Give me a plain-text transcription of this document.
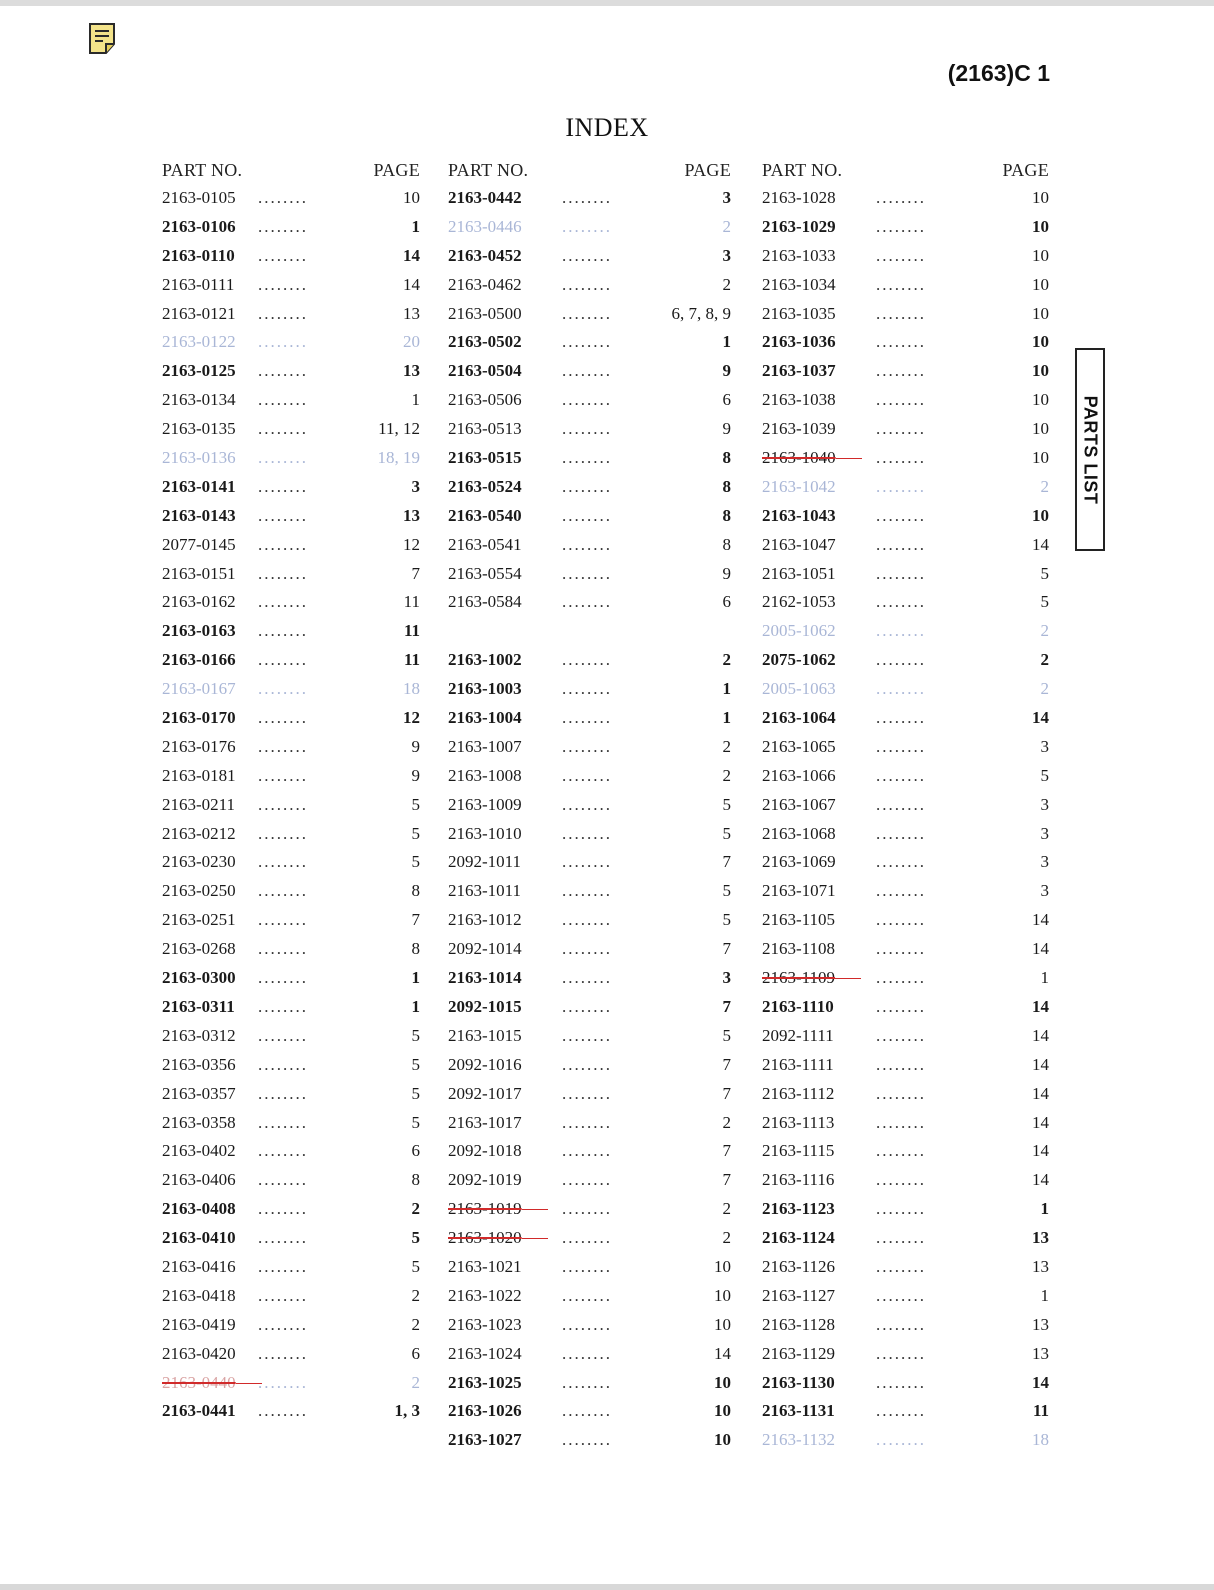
(2163)C 1
INDEX
PARTS LIST
PART NO.	PAGE
2163-0105 ........	10
2163-0106 ........	1
2163-0110 ........	14
2163-0111 ........	14
2163-0121 ........	13
2163-0122 ........	20
2163-0125 ........	13
2163-0134 ........	1
2163-0135 ........	11, 12
2163-0136 ........	18, 19
2163-0141 ........	3
2163-0143 ........	13
2077-0145 ........	12
2163-0151 ........	7
2163-0162 ........	11
2163-0163 ........	11
2163-0166 ........	11
2163-0167 ........	18
2163-0170 ........	12
2163-0176 ........	9
2163-0181 ........	9
2163-0211 ........	5
2163-0212 ........	5
2163-0230 ........	5
2163-0250 ........	8
2163-0251 ........	7
2163-0268 ........	8
2163-0300 ........	1
2163-0311 ........	1
2163-0312 ........	5
2163-0356 ........	5
2163-0357 ........	5
2163-0358 ........	5
2163-0402 ........	6
2163-0406 ........	8
2163-0408 ........	2
2163-0410 ........	5
2163-0416 ........	5
2163-0418 ........	2
2163-0419 ........	2
2163-0420 ........	6
2163-0440 ........	2
2163-0441 ........	1, 3
PART NO.	PAGE
2163-0442 ........	3
2163-0446 ........	2
2163-0452 ........	3
2163-0462 ........	2
2163-0500 ........	6, 7, 8, 9
2163-0502 ........	1
2163-0504 ........	9
2163-0506 ........	6
2163-0513 ........	9
2163-0515 ........	8
2163-0524 ........	8
2163-0540 ........	8
2163-0541 ........	8
2163-0554 ........	9
2163-0584 ........	6
2163-1002 ........	2
2163-1003 ........	1
2163-1004 ........	1
2163-1007 ........	2
2163-1008 ........	2
2163-1009 ........	5
2163-1010 ........	5
2092-1011 ........	7
2163-1011 ........	5
2163-1012 ........	5
2092-1014 ........	7
2163-1014 ........	3
2092-1015 ........	7
2163-1015 ........	5
2092-1016 ........	7
2092-1017 ........	7
2163-1017 ........	2
2092-1018 ........	7
2092-1019 ........	7
2163-1019 ........	2
2163-1020 ........	2
2163-1021 ........	10
2163-1022 ........	10
2163-1023 ........	10
2163-1024 ........	14
2163-1025 ........	10
2163-1026 ........	10
2163-1027 ........	10
PART NO.	PAGE
2163-1028 ........	10
2163-1029 ........	10
2163-1033 ........	10
2163-1034 ........	10
2163-1035 ........	10
2163-1036 ........	10
2163-1037 ........	10
2163-1038 ........	10
2163-1039 ........	10
2163-1040 ........	10
2163-1042 ........	2
2163-1043 ........	10
2163-1047 ........	14
2163-1051 ........	5
2162-1053 ........	5
2005-1062 ........	2
2075-1062 ........	2
2005-1063 ........	2
2163-1064 ........	14
2163-1065 ........	3
2163-1066 ........	5
2163-1067 ........	3
2163-1068 ........	3
2163-1069 ........	3
2163-1071 ........	3
2163-1105 ........	14
2163-1108 ........	14
2163-1109 ........	1
2163-1110 ........	14
2092-1111 ........	14
2163-1111 ........	14
2163-1112 ........	14
2163-1113 ........	14
2163-1115 ........	14
2163-1116 ........	14
2163-1123 ........	1
2163-1124 ........	13
2163-1126 ........	13
2163-1127 ........	1
2163-1128 ........	13
2163-1129 ........	13
2163-1130 ........	14
2163-1131 ........	11
2163-1132 ........	18
